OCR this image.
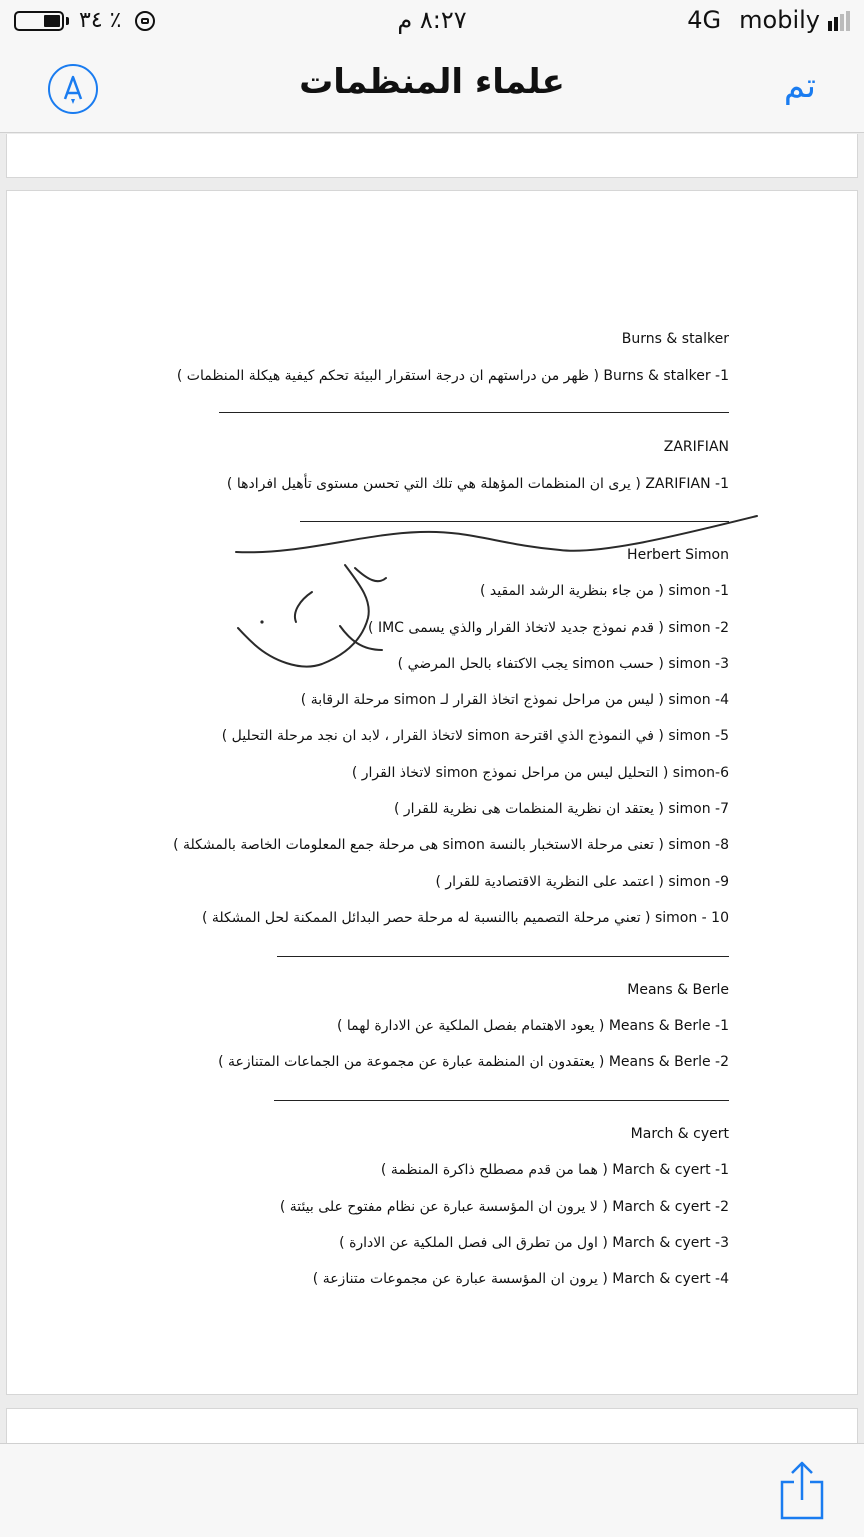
٣٤ ٪	٨:٢٧ م	4G mobily
علماء المنظمات	تم
Burns & stalker
‏Burns & stalker -1 ( ظهر من دراستهم ان درجة استقرار البيئة تحكم كيفية هيكلة المنظمات )
ZARIFIAN
‏ZARIFIAN -1 ( يرى ان المنظمات المؤهلة هي تلك التي تحسن مستوى تأهيل افرادها )
Herbert Simon
‏simon -1 ( من جاء بنظرية الرشد المقيد )
‏simon -2 ( قدم نموذج جديد لاتخاذ القرار والذي يسمى IMC )
‏simon -3 ( حسب simon يجب الاكتفاء بالحل المرضي )
‏simon -4 ( ليس من مراحل نموذج اتخاذ القرار لـ simon مرحلة الرقابة )
‏simon -5 ( في النموذج الذي اقترحة simon لاتخاذ القرار ، لابد ان نجد مرحلة التحليل )
‏simon-6 ( التحليل ليس من مراحل نموذج simon لاتخاذ القرار )
‏simon -7 ( يعتقد ان نظرية المنظمات هى نظرية للقرار )
‏simon -8 ( تعنى مرحلة الاستخبار بالنسة simon هى مرحلة جمع المعلومات الخاصة بالمشكلة )
‏simon -9 ( اعتمد على النظرية الاقتصادية للقرار )
‏simon - 10 ( تعني مرحلة التصميم باالنسبة له مرحلة حصر البدائل الممكنة لحل المشكلة )
Means & Berle
‏Means & Berle -1 ( يعود الاهتمام بفصل الملكية عن الادارة لهما )
‏Means & Berle -2 ( يعتقدون ان المنظمة عبارة عن مجموعة من الجماعات المتنازعة )
March & cyert
‏March & cyert -1 ( هما من قدم مصطلح ذاكرة المنظمة )
‏March & cyert -2 ( لا يرون ان المؤسسة عبارة عن نظام مفتوح على بيئتة )
‏March & cyert -3 ( اول من تطرق الى فصل الملكية عن الادارة )
‏March & cyert -4 ( يرون ان المؤسسة عبارة عن مجموعات متنازعة )
